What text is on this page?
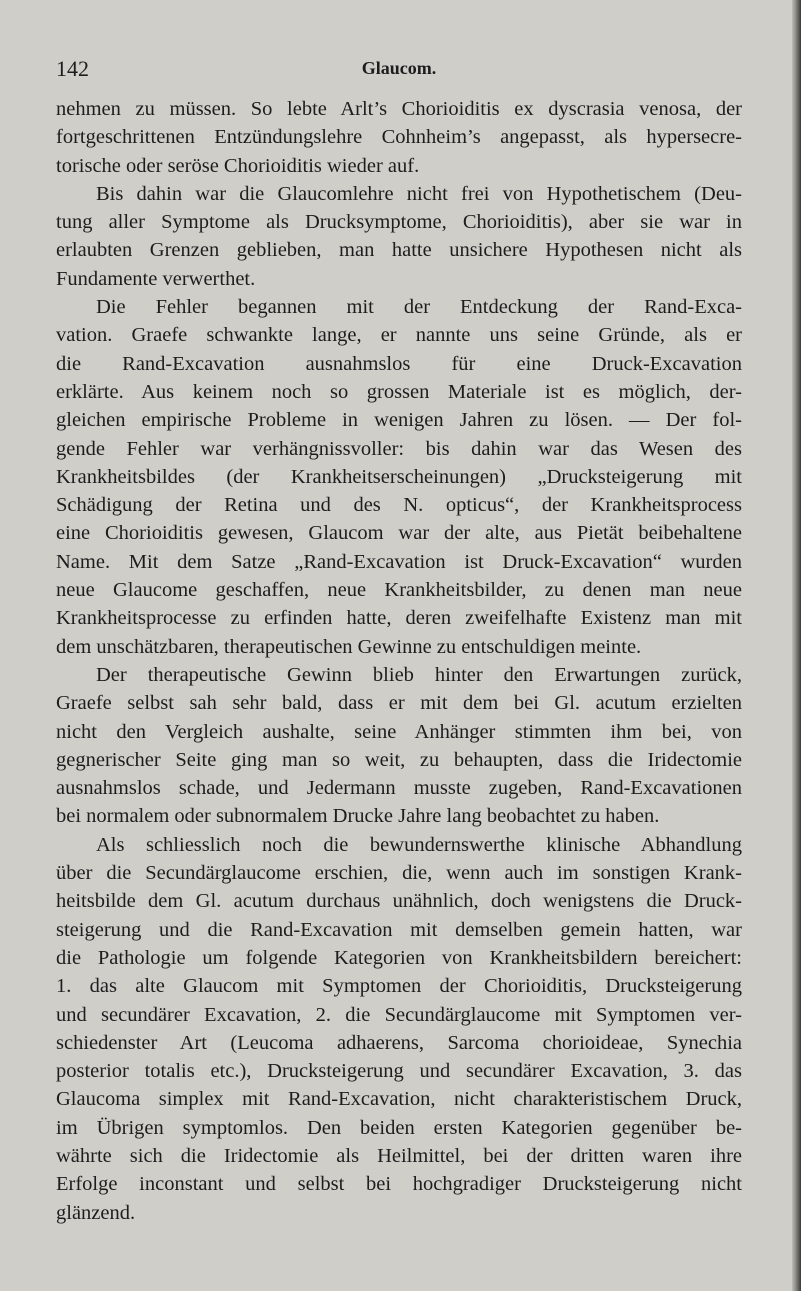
142	Glaucom.
nehmen zu müssen. So lebte Arlt’s Chorioiditis ex dyscrasia venosa, der
fortgeschrittenen Entzündungslehre Cohnheim’s angepasst, als hypersecre-
torische oder seröse Chorioiditis wieder auf.
Bis dahin war die Glaucomlehre nicht frei von Hypothetischem (Deu-
tung aller Symptome als Drucksymptome, Chorioiditis), aber sie war in
erlaubten Grenzen geblieben, man hatte unsichere Hypothesen nicht als
Fundamente verwerthet.
Die Fehler begannen mit der Entdeckung der Rand-Exca-
vation. Graefe schwankte lange, er nannte uns seine Gründe, als er
die Rand-Excavation ausnahmslos für eine Druck-Excavation
erklärte. Aus keinem noch so grossen Materiale ist es möglich, der-
gleichen empirische Probleme in wenigen Jahren zu lösen. — Der fol-
gende Fehler war verhängnissvoller: bis dahin war das Wesen des
Krankheitsbildes (der Krankheitserscheinungen) „Drucksteigerung mit
Schädigung der Retina und des N. opticus“, der Krankheitsprocess
eine Chorioiditis gewesen, Glaucom war der alte, aus Pietät beibehaltene
Name. Mit dem Satze „Rand-Excavation ist Druck-Excavation“ wurden
neue Glaucome geschaffen, neue Krankheitsbilder, zu denen man neue
Krankheitsprocesse zu erfinden hatte, deren zweifelhafte Existenz man mit
dem unschätzbaren, therapeutischen Gewinne zu entschuldigen meinte.
Der therapeutische Gewinn blieb hinter den Erwartungen zurück,
Graefe selbst sah sehr bald, dass er mit dem bei Gl. acutum erzielten
nicht den Vergleich aushalte, seine Anhänger stimmten ihm bei, von
gegnerischer Seite ging man so weit, zu behaupten, dass die Iridectomie
ausnahmslos schade, und Jedermann musste zugeben, Rand-Excavationen
bei normalem oder subnormalem Drucke Jahre lang beobachtet zu haben.
Als schliesslich noch die bewundernswerthe klinische Abhandlung
über die Secundärglaucome erschien, die, wenn auch im sonstigen Krank-
heitsbilde dem Gl. acutum durchaus unähnlich, doch wenigstens die Druck-
steigerung und die Rand-Excavation mit demselben gemein hatten, war
die Pathologie um folgende Kategorien von Krankheitsbildern bereichert:
1. das alte Glaucom mit Symptomen der Chorioiditis, Drucksteigerung
und secundärer Excavation, 2. die Secundärglaucome mit Symptomen ver-
schiedenster Art (Leucoma adhaerens, Sarcoma chorioideae, Synechia
posterior totalis etc.), Drucksteigerung und secundärer Excavation, 3. das
Glaucoma simplex mit Rand-Excavation, nicht charakteristischem Druck,
im Übrigen symptomlos. Den beiden ersten Kategorien gegenüber be-
währte sich die Iridectomie als Heilmittel, bei der dritten waren ihre
Erfolge inconstant und selbst bei hochgradiger Drucksteigerung nicht
glänzend.
